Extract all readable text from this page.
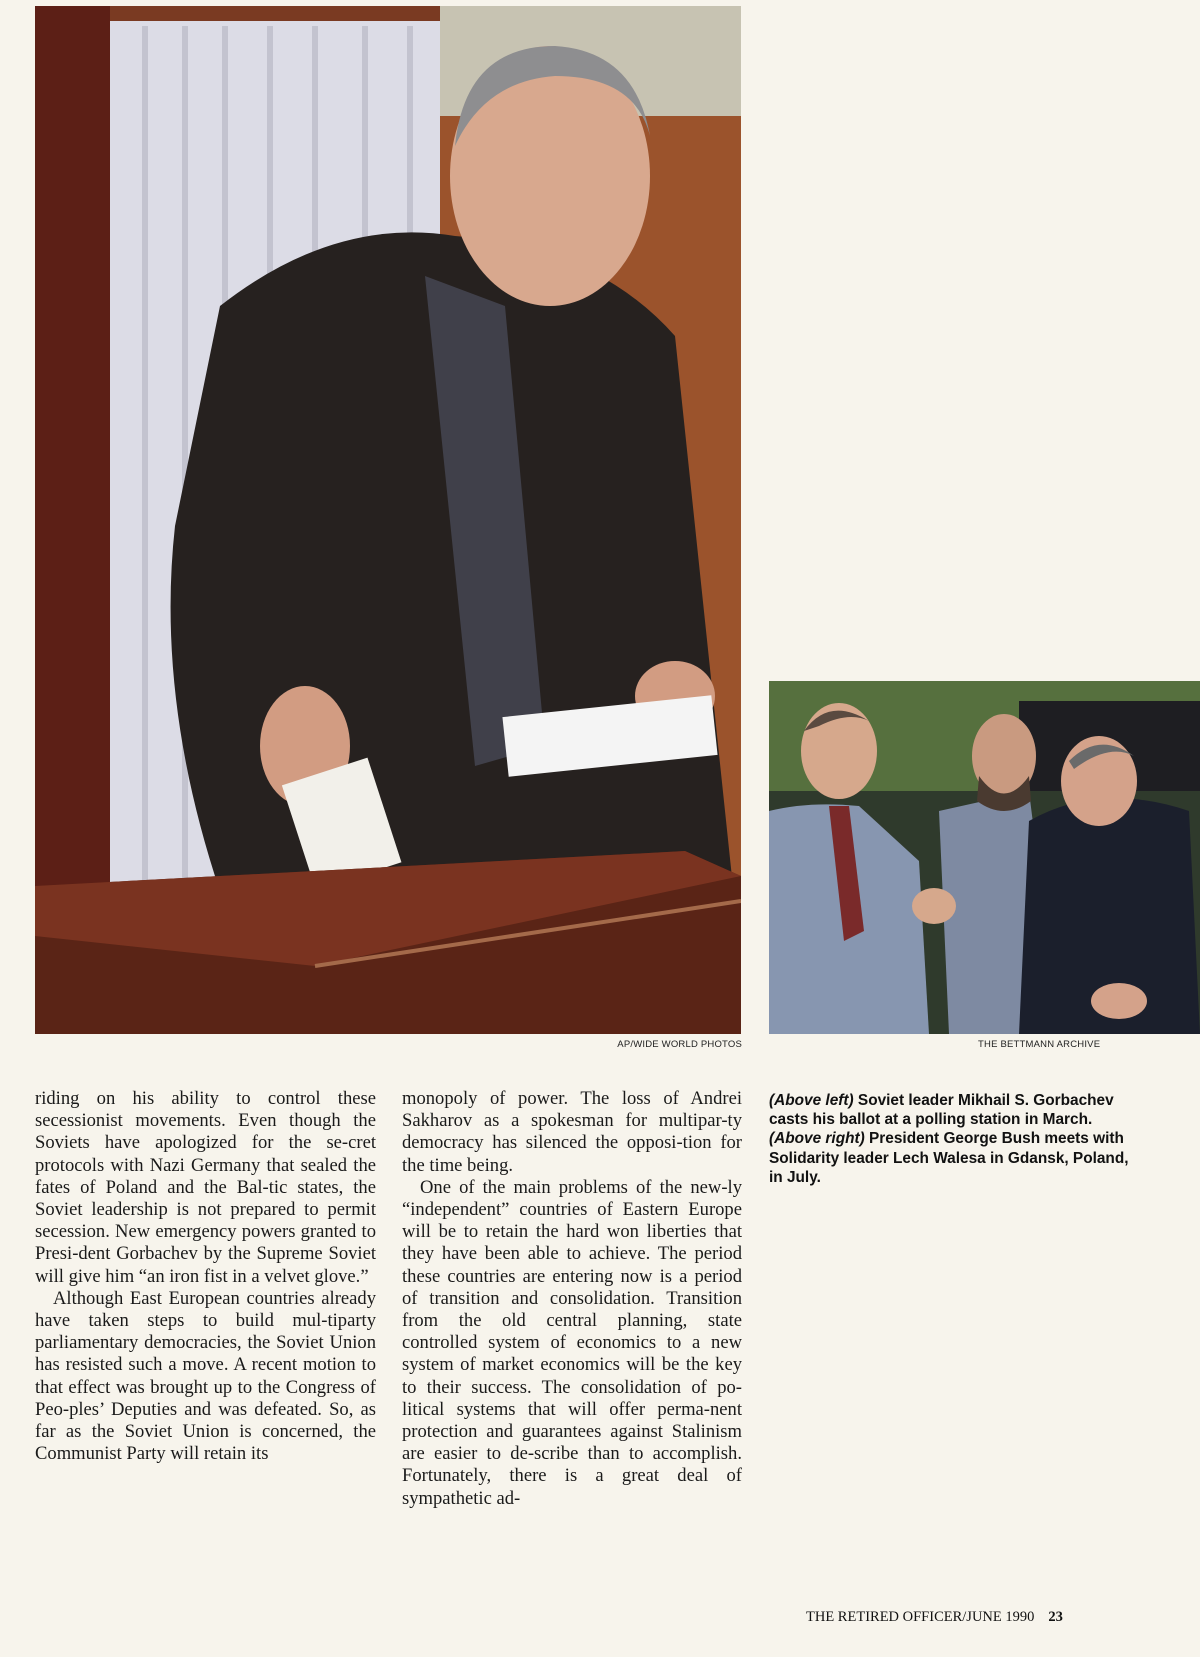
AP/WIDE WORLD PHOTOS	THE BETTMANN ARCHIVE

riding on his ability to control these secessionist movements. Even though the Soviets have apologized for the se-cret protocols with Nazi Germany that sealed the fates of Poland and the Bal-tic states, the Soviet leadership is not prepared to permit secession. New emergency powers granted to Presi-dent Gorbachev by the Supreme Soviet will give him “an iron fist in a velvet glove.”

Although East European countries already have taken steps to build mul-tiparty parliamentary democracies, the Soviet Union has resisted such a move. A recent motion to that effect was brought up to the Congress of Peo-ples’ Deputies and was defeated. So, as far as the Soviet Union is concerned, the Communist Party will retain its

monopoly of power. The loss of Andrei Sakharov as a spokesman for multipar-ty democracy has silenced the opposi-tion for the time being.

One of the main problems of the new-ly “independent” countries of Eastern Europe will be to retain the hard won liberties that they have been able to achieve. The period these countries are entering now is a period of transition and consolidation. Transition from the old central planning, state controlled system of economics to a new system of market economics will be the key to their success. The consolidation of po-litical systems that will offer perma-nent protection and guarantees against Stalinism are easier to de-scribe than to accomplish. Fortunately, there is a great deal of sympathetic ad-

(Above left) Soviet leader Mikhail S. Gorbachev casts his ballot at a polling station in March. (Above right) President George Bush meets with Solidarity leader Lech Walesa in Gdansk, Poland, in July.
THE RETIRED OFFICER/JUNE 1990 23
